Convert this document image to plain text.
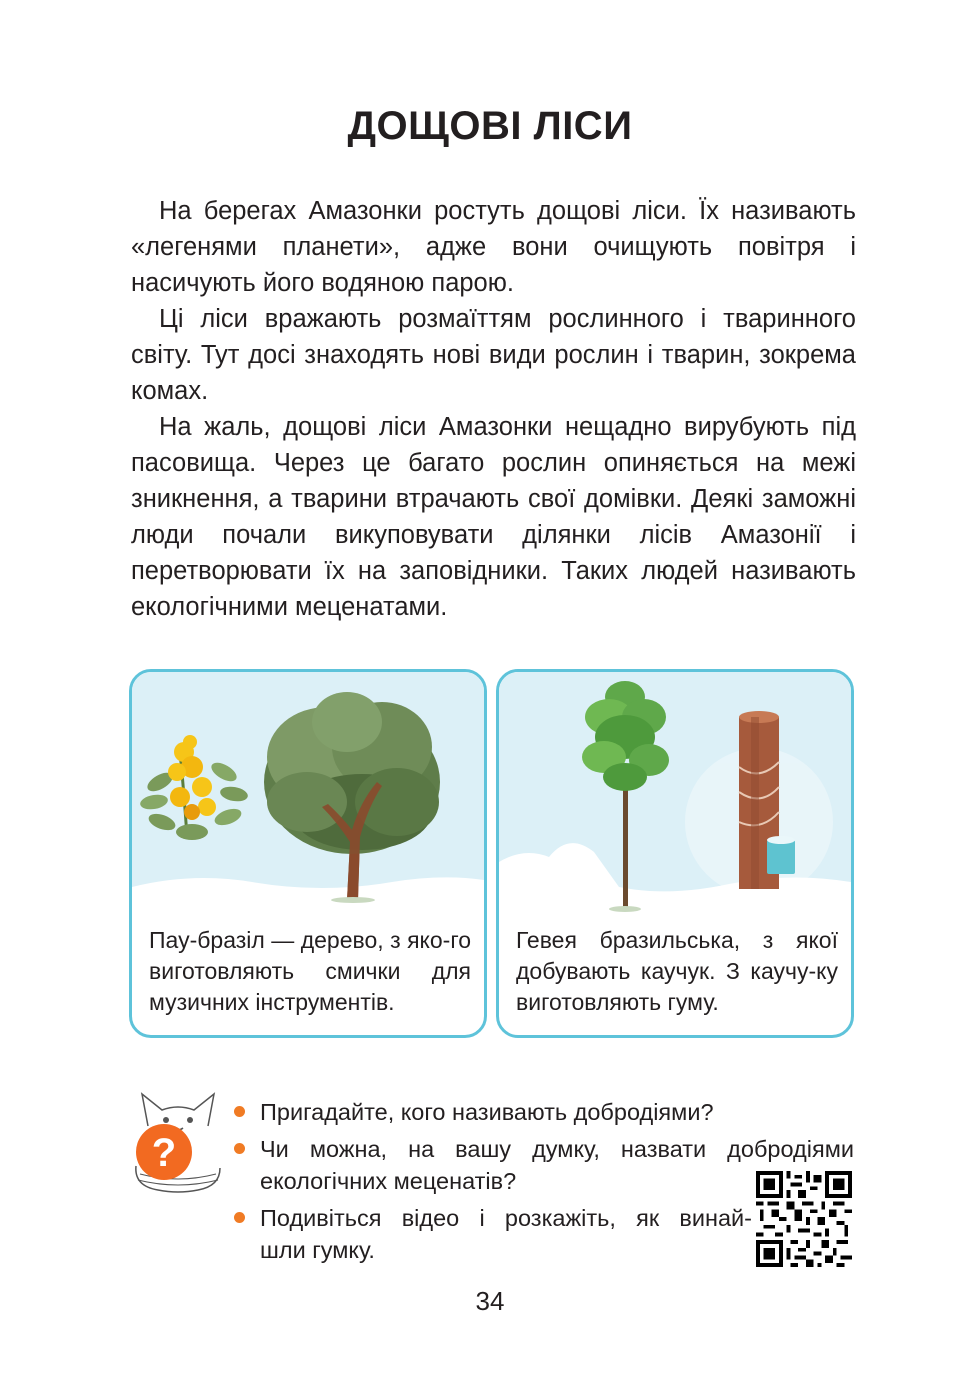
ДОЩОВІ ЛІСИ

На берегах Амазонки ростуть дощові ліси. Їх називають «легенями планети», адже вони очищують повітря і насичують його водяною парою.

Ці ліси вражають розмаїттям рослинного і тваринного світу. Тут досі знаходять нові види рослин і тварин, зокрема комах.

На жаль, дощові ліси Амазонки нещадно вирубують під пасовища. Через це багато рослин опиняється на межі зникнення, а тварини втрачають свої домівки. Деякі заможні люди почали викуповувати ділянки лісів Амазонії і перетворювати їх на заповідники. Таких людей називають екологічними меценатами.

Пау-бразіл — дерево, з яко-го виготовляють смички для музичних інструментів.
Гевея бразильська, з якої добувають каучук. З каучу-ку виготовляють гуму.
?
Пригадайте, кого називають добродіями?
Чи можна, на вашу думку, назвати добродіями
екологічних меценатів?
Подивіться відео і розкажіть, як винай-
шли гумку.
34
